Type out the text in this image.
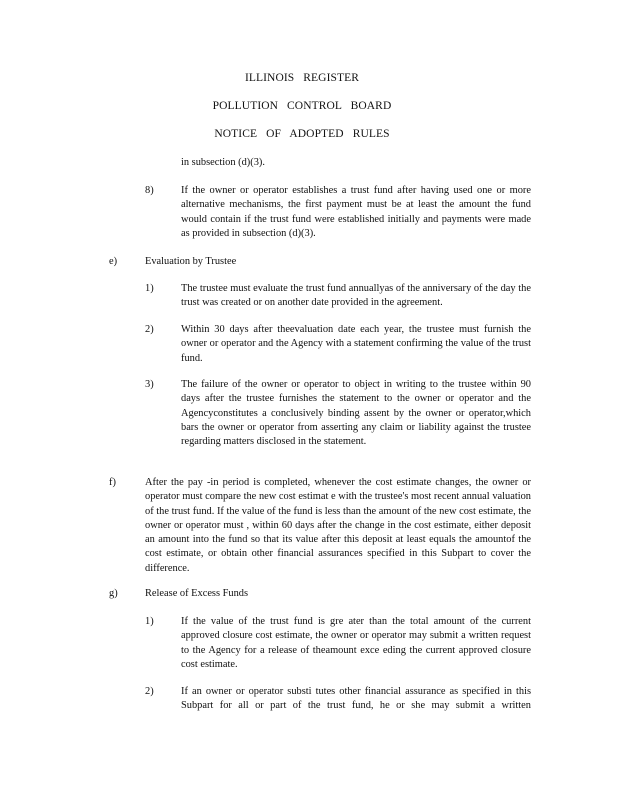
ILLINOIS REGISTER
POLLUTION CONTROL BOARD
NOTICE OF ADOPTED RULES
in subsection (d)(3).
8)	If the owner or operator establishes a trust fund after having used one or more alternative mechanisms, the first payment must be at least the amount the fund would contain if the trust fund were established initially and payments were made as provided in subsection (d)(3).
e)	Evaluation by Trustee
1)	The trustee must evaluate the trust fund annuallyas of the anniversary of the day the trust was created or on another date provided in the agreement.
2)	Within 30 days after theevaluation date each year, the trustee must furnish the owner or operator and the Agency with a statement confirming the value of the trust fund.
3)	The failure of the owner or operator to object in writing to the trustee within 90 days after the trustee furnishes the statement to the owner or operator and the Agencyconstitutes a conclusively binding assent by the owner or operator,which bars the owner or operator from asserting any claim or liability against the trustee regarding matters disclosed in the statement.
f)	After the pay -in period is completed, whenever the cost estimate changes, the owner or operator must compare the new cost estimat e with the trustee's most recent annual valuation of the trust fund. If the value of the fund is less than the amount of the new cost estimate, the owner or operator must , within 60 days after the change in the cost estimate, either deposit an amount into the fund so that its value after this deposit at least equals the amountof the cost estimate, or obtain other financial assurances specified in this Subpart to cover the difference.
g)	Release of Excess Funds
1)	If the value of the trust fund is gre ater than the total amount of the current approved closure cost estimate, the owner or operator may submit a written request to the Agency for a release of theamount exce eding the current approved closure cost estimate.
2)	If an owner or operator substi tutes other financial assurance as specified in this Subpart for all or part of the trust fund, he or she may submit a written
